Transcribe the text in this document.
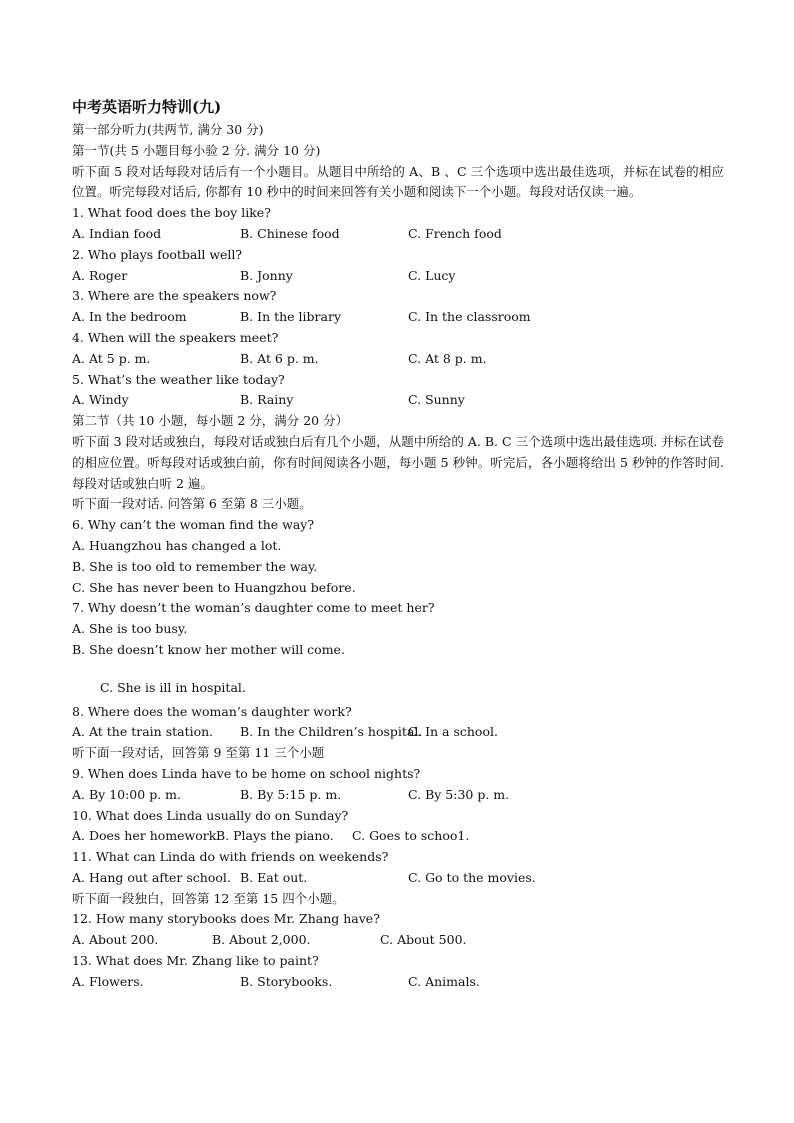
中考英语听力特训(九)
第一部分听力(共两节, 满分 30 分)
第一节(共 5 小题目每小验 2 分. 满分 10 分)
听下面 5 段对话每段对话后有一个小题目。从题目中所给的 A、B 、C 三个选项中选出最佳选项，并标在试卷的相应位置。听完每段对话后, 你都有 10 秒中的时间来回答有关小题和阅读下一个小题。每段对话仅读一遍。
1. What food does the boy like?
A. Indian food	B. Chinese food	C. French food
2. Who plays football well?
A. Roger	B. Jonny	C. Lucy
3. Where are the speakers now?
A. In the bedroom	B. In the library	C. In the classroom
4. When will the speakers meet?
A. At 5 p. m.	B. At 6 p. m.	C. At 8 p. m.
5. What’s the weather like today?
A. Windy	B. Rainy	C. Sunny
第二节（共 10 小题，每小题 2 分，满分 20 分）
听下面 3 段对话或独白，每段对话或独白后有几个小题，从题中所给的 A. B. C 三个选项中选出最佳选项. 并标在试卷的相应位置。听每段对话或独白前，你有时间阅读各小题，每小题 5 秒钟。听完后，各小题将给出 5 秒钟的作答时间. 每段对话或独白听 2 遍。
听下面一段对话. 问答第 6 至第 8 三小题。
6. Why can’t the woman find the way?
A. Huangzhou has changed a lot.
B. She is too old to remember the way.
C. She has never been to Huangzhou before.
7. Why doesn’t the woman’s daughter come to meet her?
A. She is too busy.
B. She doesn’t know her mother will come.
C. She is ill in hospital.
8. Where does the woman’s daughter work?
A. At the train station. B. In the Children’s hospital.
C. In a school.
听下面一段对话，回答第 9 至第 11 三个小题
9. When does Linda have to be home on school nights?
A. By 10:00 p. m.	B. By 5:15 p. m.	C. By 5:30 p. m.
10. What does Linda usually do on Sunday?
A. Does her homework.
B. Plays the piano. C. Goes to schoo1.
11. What can Linda do with friends on weekends?
A. Hang out after school. B. Eat out.	C. Go to the movies.
听下面一段独白，回答第 12 至第 15 四个小题。
12. How many storybooks does Mr. Zhang have?
A. About 200.	B. About 2,000.	C. About 500.
13. What does Mr. Zhang like to paint?
A. Flowers.	B. Storybooks.	C. Animals.
